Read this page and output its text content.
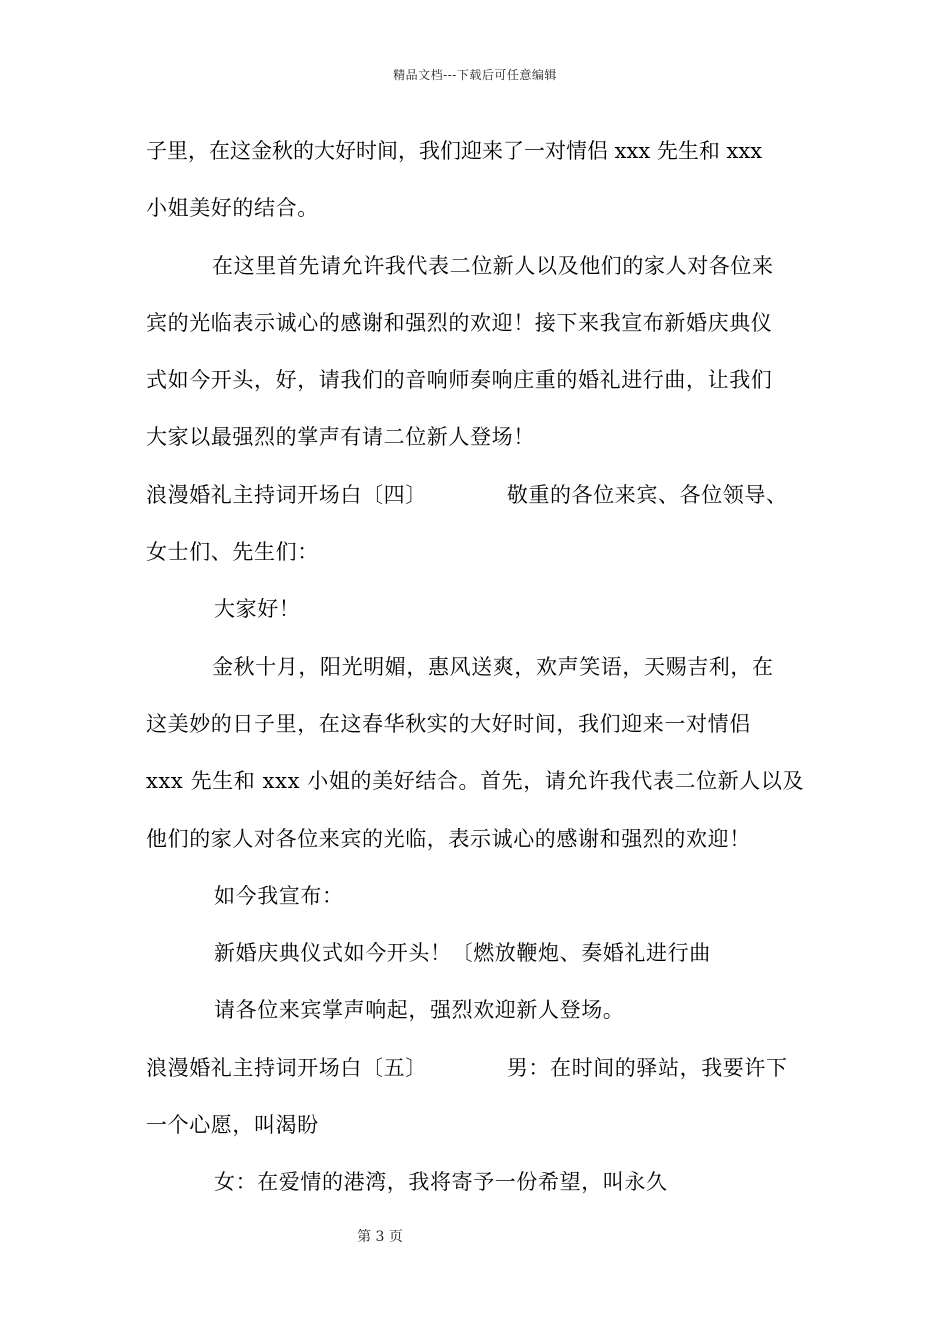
精品文档---下载后可任意编辑
子里，在这金秋的大好时间，我们迎来了一对情侣 xxx 先生和 xxx
小姐美好的结合。
在这里首先请允许我代表二位新人以及他们的家人对各位来
宾的光临表示诚心的感谢和强烈的欢迎！接下来我宣布新婚庆典仪
式如今开头，好，请我们的音响师奏响庄重的婚礼进行曲，让我们
大家以最强烈的掌声有请二位新人登场！
浪漫婚礼主持词开场白〔四〕	敬重的各位来宾、各位领导、
女士们、先生们：
大家好！
金秋十月，阳光明媚，惠风送爽，欢声笑语，天赐吉利，在
这美妙的日子里，在这春华秋实的大好时间，我们迎来一对情侣
xxx 先生和 xxx 小姐的美好结合。首先，请允许我代表二位新人以及
他们的家人对各位来宾的光临，表示诚心的感谢和强烈的欢迎！
如今我宣布：
新婚庆典仪式如今开头！〔燃放鞭炮、奏婚礼进行曲
请各位来宾掌声响起，强烈欢迎新人登场。
浪漫婚礼主持词开场白〔五〕	男：在时间的驿站，我要许下
一个心愿，叫渴盼
女：在爱情的港湾，我将寄予一份希望，叫永久
第 3 页
